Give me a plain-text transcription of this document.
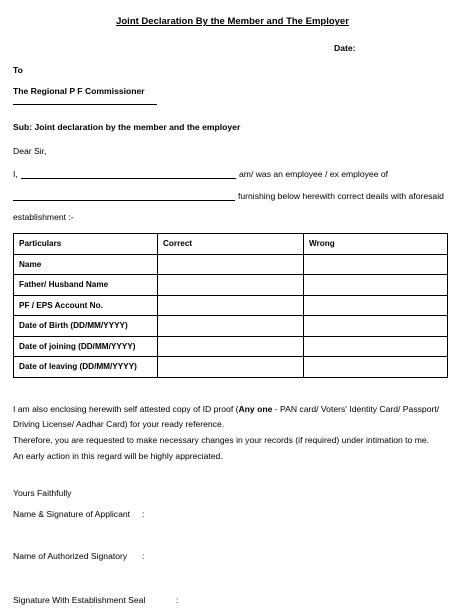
Joint Declaration By the Member and The Employer
Date:
To
The Regional P F Commissioner
Sub: Joint declaration by the member and the employer
Dear Sir,
I,	am/ was an employee / ex employee of
furnishing below herewith correct deails with aforesaid
establishment :-
Particulars	Correct	Wrong
Name		
Father/ Husband Name		
PF / EPS Account No.		
Date of Birth (DD/MM/YYYY)		
Date of joining (DD/MM/YYYY)		
Date of leaving (DD/MM/YYYY)		
I am also enclosing herewith self attested copy of ID proof (Any one - PAN card/ Voters' Identity Card/ Passport/
Driving License/ Aadhar Card) for your ready reference.
Therefore, you are requested to make necessary changes in your records (if required) under intimation to me.
An early action in this regard will be highly appreciated.
Yours Faithfully
Name & Signature of Applicant :
Name of Authorized Signatory :
Signature With Establishment Seal	:
